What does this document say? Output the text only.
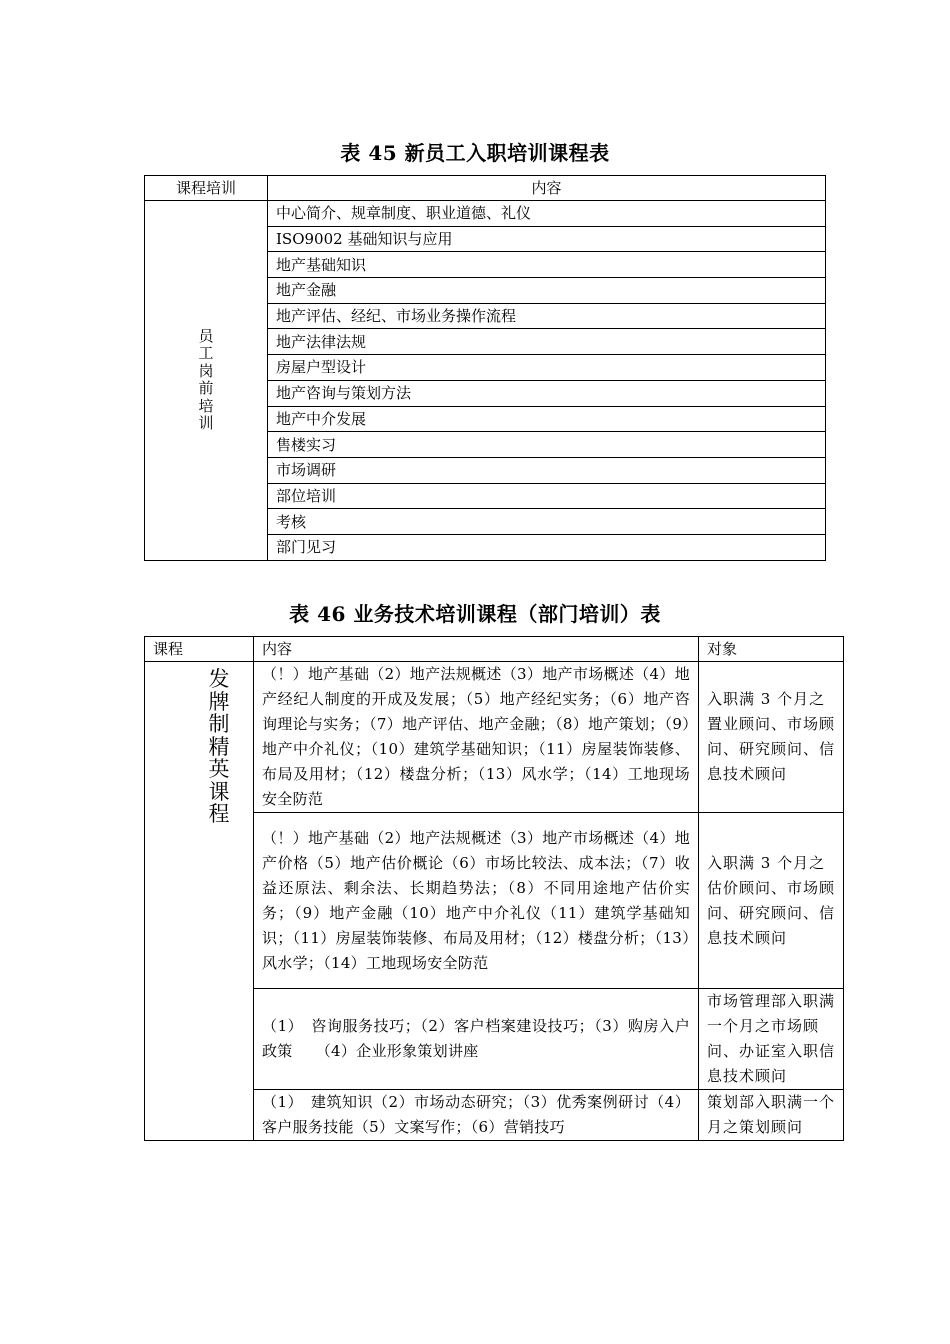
表 45 新员工入职培训课程表
课程培训	内容
员工岗前培训	中心简介、规章制度、职业道德、礼仪
	ISO9002 基础知识与应用
	地产基础知识
	地产金融
	地产评估、经纪、市场业务操作流程
	地产法律法规
	房屋户型设计
	地产咨询与策划方法
	地产中介发展
	售楼实习
	市场调研
	部位培训
	考核
	部门见习
表 46 业务技术培训课程（部门培训）表
课程	内容	对象
发牌制精英课程	（！）地产基础（2）地产法规概述（3）地产市场概述（4）地产经纪人制度的开成及发展；（5）地产经纪实务；（6）地产咨询理论与实务；（7）地产评估、地产金融；（8）地产策划；（9）地产中介礼仪；（10）建筑学基础知识；（11）房屋装饰装修、布局及用材；（12）楼盘分析；（13）风水学；（14）工地现场安全防范	入职满 3 个月之置业顾问、市场顾问、研究顾问、信息技术顾问
	（！）地产基础（2）地产法规概述（3）地产市场概述（4）地产价格（5）地产估价概论（6）市场比较法、成本法；（7）收益还原法、剩余法、长期趋势法；（8）不同用途地产估价实务；（9）地产金融（10）地产中介礼仪（11）建筑学基础知识；（11）房屋装饰装修、布局及用材；（12）楼盘分析；（13）风水学；（14）工地现场安全防范	入职满 3 个月之估价顾问、市场顾问、研究顾问、信息技术顾问
	（1）　咨询服务技巧；（2）客户档案建设技巧；（3）购房入户政策　　（4）企业形象策划讲座	市场管理部入职满一个月之市场顾问、办证室入职信息技术顾问
	（1）　建筑知识（2）市场动态研究；（3）优秀案例研讨（4）客户服务技能（5）文案写作；（6）营销技巧	策划部入职满一个月之策划顾问
